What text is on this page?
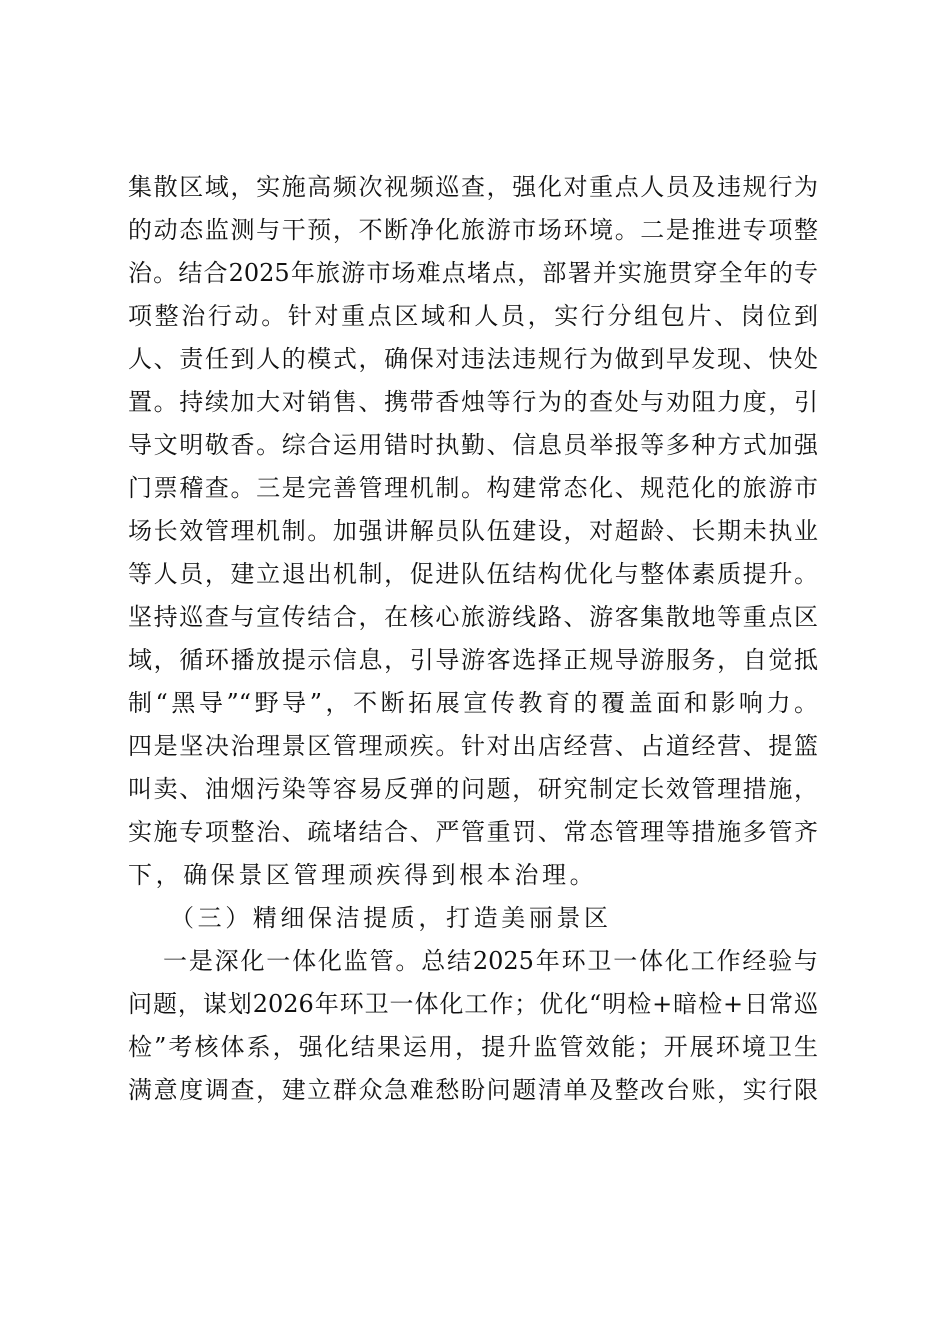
集散区域，实施高频次视频巡查，强化对重点人员及违规行为
的动态监测与干预，不断净化旅游市场环境。二是推进专项整
治。结合2025年旅游市场难点堵点，部署并实施贯穿全年的专
项整治行动。针对重点区域和人员，实行分组包片、岗位到
人、责任到人的模式，确保对违法违规行为做到早发现、快处
置。持续加大对销售、携带香烛等行为的查处与劝阻力度，引
导文明敬香。综合运用错时执勤、信息员举报等多种方式加强
门票稽查。三是完善管理机制。构建常态化、规范化的旅游市
场长效管理机制。加强讲解员队伍建设，对超龄、长期未执业
等人员，建立退出机制，促进队伍结构优化与整体素质提升。
坚持巡查与宣传结合，在核心旅游线路、游客集散地等重点区
域，循环播放提示信息，引导游客选择正规导游服务，自觉抵
制“黑导”“野导”，不断拓展宣传教育的覆盖面和影响力。
四是坚决治理景区管理顽疾。针对出店经营、占道经营、提篮
叫卖、油烟污染等容易反弹的问题，研究制定长效管理措施，
实施专项整治、疏堵结合、严管重罚、常态管理等措施多管齐
下，确保景区管理顽疾得到根本治理。
（三）精细保洁提质，打造美丽景区
一是深化一体化监管。总结2025年环卫一体化工作经验与
问题，谋划2026年环卫一体化工作；优化“明检+暗检+日常巡
检”考核体系，强化结果运用，提升监管效能；开展环境卫生
满意度调查，建立群众急难愁盼问题清单及整改台账，实行限
